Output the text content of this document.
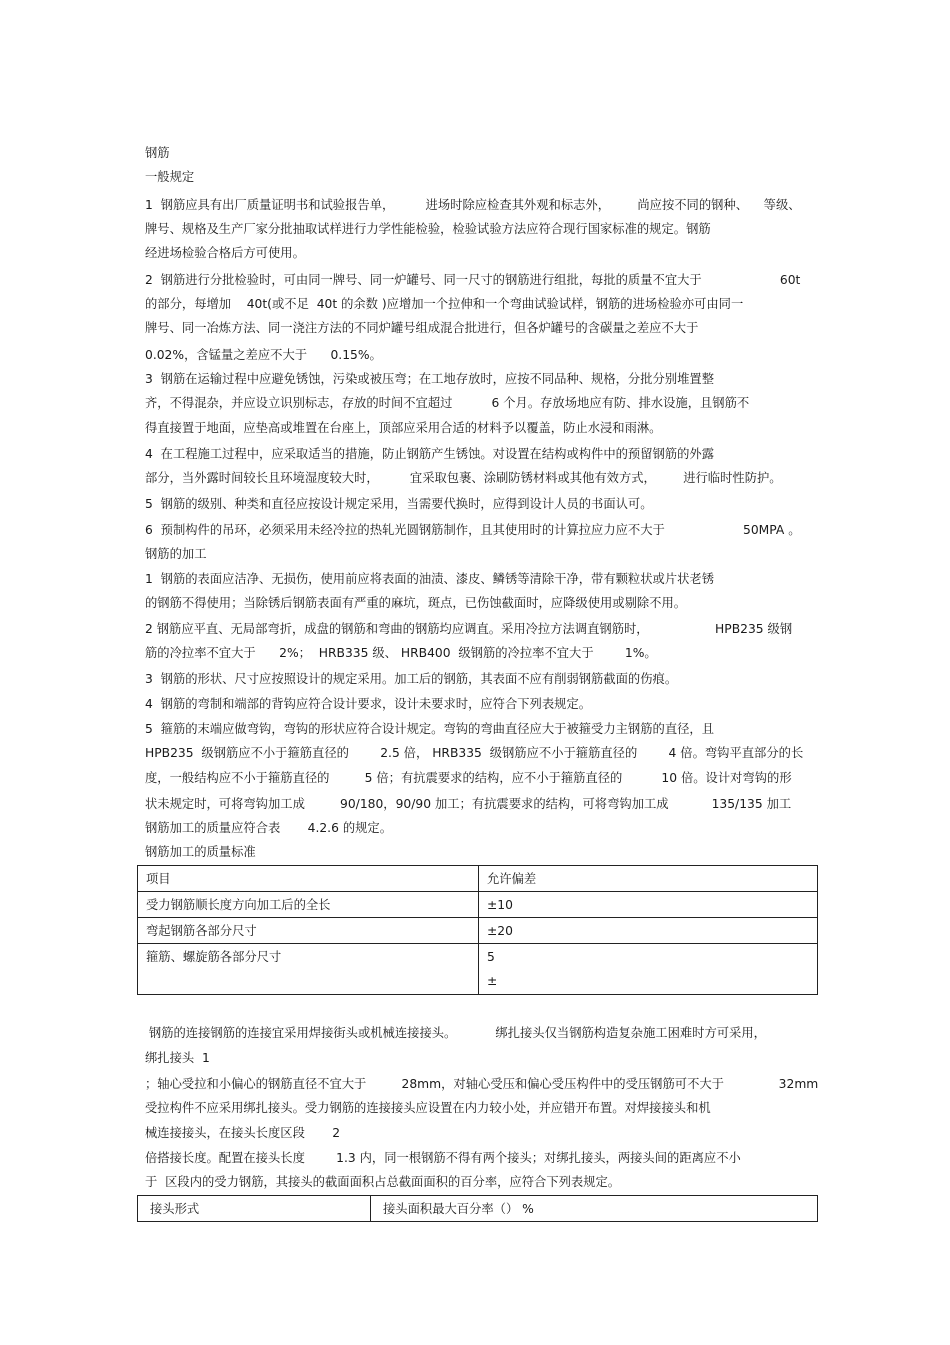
钢筋
一般规定
1  钢筋应具有出厂质量证明书和试验报告单，        进场时除应检查其外观和标志外，       尚应按不同的钢种、    等级、
牌号、规格及生产厂家分批抽取试样进行力学性能检验，检验试验方法应符合现行国家标准的规定。钢筋
经进场检验合格后方可使用。
2  钢筋进行分批检验时，可由同一牌号、同一炉罐号、同一尺寸的钢筋进行组批，每批的质量不宜大于                    60t
的部分，每增加    40t(或不足  40t 的余数 )应增加一个拉伸和一个弯曲试验试样，钢筋的进场检验亦可由同一
牌号、同一冶炼方法、同一浇注方法的不同炉罐号组成混合批进行，但各炉罐号的含碳量之差应不大于
0.02%，含锰量之差应不大于      0.15%。
3  钢筋在运输过程中应避免锈蚀，污染或被压弯；在工地存放时，应按不同品种、规格，分批分别堆置整
齐，不得混杂，并应设立识别标志，存放的时间不宜超过          6 个月。存放场地应有防、排水设施，且钢筋不
得直接置于地面，应垫高或堆置在台座上，顶部应采用合适的材料予以覆盖，防止水浸和雨淋。
4  在工程施工过程中，应采取适当的措施，防止钢筋产生锈蚀。对设置在结构或构件中的预留钢筋的外露
部分，当外露时间较长且环境湿度较大时，        宜采取包裹、涂刷防锈材料或其他有效方式，       进行临时性防护。
5  钢筋的级别、种类和直径应按设计规定采用，当需要代换时，应得到设计人员的书面认可。
6  预制构件的吊环，必须采用未经冷拉的热轧光圆钢筋制作，且其使用时的计算拉应力应不大于                    50MPA 。
钢筋的加工
1  钢筋的表面应洁净、无损伤，使用前应将表面的油渍、漆皮、鳞锈等清除干净，带有颗粒状或片状老锈
的钢筋不得使用；当除锈后钢筋表面有严重的麻坑，斑点，已伤蚀截面时，应降级使用或剔除不用。
2 钢筋应平直、无局部弯折，成盘的钢筋和弯曲的钢筋均应调直。采用冷拉方法调直钢筋时，                 HPB235 级钢
筋的冷拉率不宜大于      2%；  HRB335 级、 HRB400  级钢筋的冷拉率不宜大于        1%。
3  钢筋的形状、尺寸应按照设计的规定采用。加工后的钢筋，其表面不应有削弱钢筋截面的伤痕。
4  钢筋的弯制和端部的背钩应符合设计要求，设计未要求时，应符合下列表规定。
5  箍筋的末端应做弯钩，弯钩的形状应符合设计规定。弯钩的弯曲直径应大于被箍受力主钢筋的直径，且
HPB235  级钢筋应不小于箍筋直径的        2.5 倍， HRB335  级钢筋应不小于箍筋直径的        4 倍。弯钩平直部分的长
度，一般结构应不小于箍筋直径的         5 倍；有抗震要求的结构，应不小于箍筋直径的          10 倍。设计对弯钩的形
状未规定时，可将弯钩加工成         90/180，90/90 加工；有抗震要求的结构，可将弯钩加工成           135/135 加工
钢筋加工的质量应符合表       4.2.6 的规定。
钢筋加工的质量标准
项目	允许偏差
受力钢筋顺长度方向加工后的全长	±10
弯起钢筋各部分尺寸	±20
箍筋、螺旋筋各部分尺寸	5
±
钢筋的连接钢筋的连接宜采用焊接街头或机械连接接头。          绑扎接头仅当钢筋构造复杂施工困难时方可采用，
绑扎接头  1
；轴心受拉和小偏心的钢筋直径不宜大于         28mm，对轴心受压和偏心受压构件中的受压钢筋可不大于              32mm
受拉构件不应采用绑扎接头。受力钢筋的连接接头应设置在内力较小处，并应错开布置。对焊接接头和机
械连接接头，在接头长度区段       2
倍搭接长度。配置在接头长度        1.3 内，同一根钢筋不得有两个接头；对绑扎接头，两接头间的距离应不小
于  区段内的受力钢筋，其接头的截面面积占总截面面积的百分率，应符合下列表规定。
接头形式	接头面积最大百分率（） %
